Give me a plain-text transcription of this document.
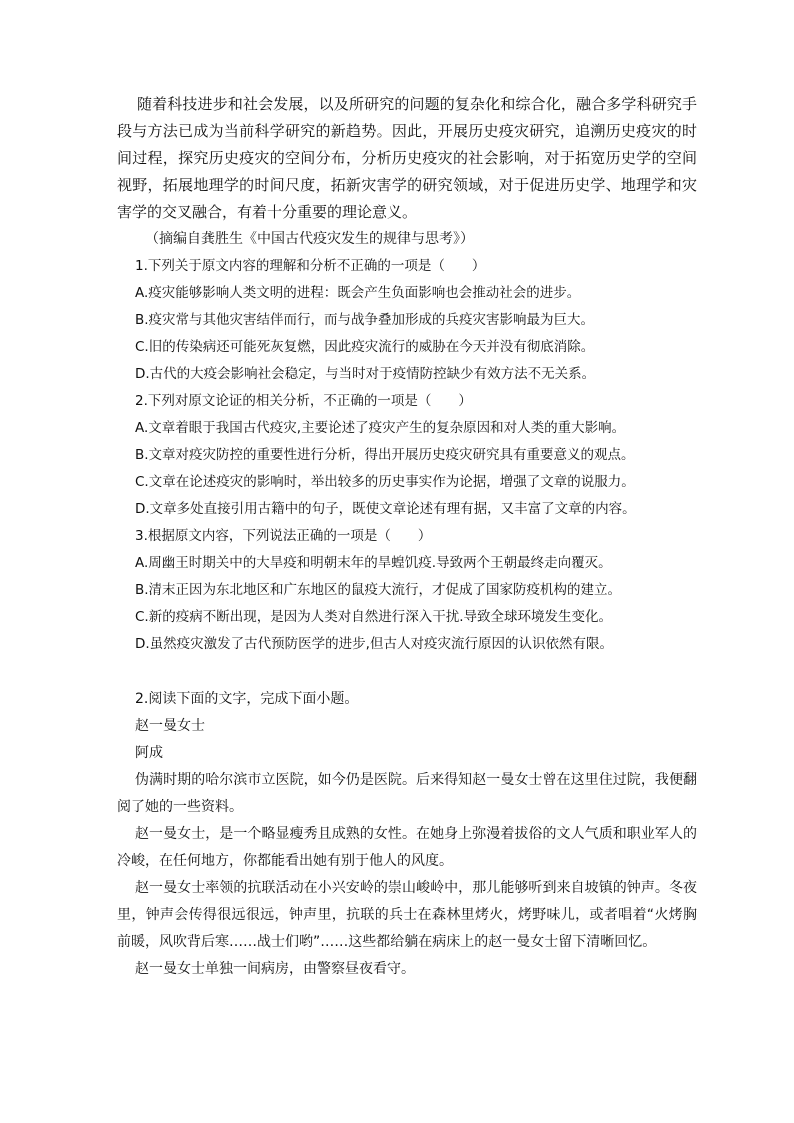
随着科技进步和社会发展，以及所研究的问题的复杂化和综合化，融合多学科研究手段与方法已成为当前科学研究的新趋势。因此，开展历史疫灾研究，追溯历史疫灾的时间过程，探究历史疫灾的空间分布，分析历史疫灾的社会影响，对于拓宽历史学的空间视野，拓展地理学的时间尺度，拓新灾害学的研究领域，对于促进历史学、地理学和灾害学的交叉融合，有着十分重要的理论意义。

（摘编自龚胜生《中国古代疫灾发生的规律与思考》）

1.下列关于原文内容的理解和分析不正确的一项是（　　）

A.疫灾能够影响人类文明的进程：既会产生负面影响也会推动社会的进步。

B.疫灾常与其他灾害结伴而行，而与战争叠加形成的兵疫灾害影响最为巨大。

C.旧的传染病还可能死灰复燃，因此疫灾流行的威胁在今天并没有彻底消除。

D.古代的大疫会影响社会稳定，与当时对于疫情防控缺少有效方法不无关系。

2.下列对原文论证的相关分析，不正确的一项是（　　）

A.文章着眼于我国古代疫灾,主要论述了疫灾产生的复杂原因和对人类的重大影响。

B.文章对疫灾防控的重要性进行分析，得出开展历史疫灾研究具有重要意义的观点。

C.文章在论述疫灾的影响时，举出较多的历史事实作为论据，增强了文章的说服力。

D.文章多处直接引用古籍中的句子，既使文章论述有理有据，又丰富了文章的内容。

3.根据原文内容，下列说法正确的一项是（　　）

A.周幽王时期关中的大旱疫和明朝末年的旱蝗饥疫.导致两个王朝最终走向覆灭。

B.清末正因为东北地区和广东地区的鼠疫大流行，才促成了国家防疫机构的建立。

C.新的疫病不断出现，是因为人类对自然进行深入干扰.导致全球环境发生变化。

D.虽然疫灾激发了古代预防医学的进步,但古人对疫灾流行原因的认识依然有限。

2.阅读下面的文字，完成下面小题。

赵一曼女士

阿成

伪满时期的哈尔滨市立医院，如今仍是医院。后来得知赵一曼女士曾在这里住过院，我便翻阅了她的一些资料。

赵一曼女士，是一个略显瘦秀且成熟的女性。在她身上弥漫着拔俗的文人气质和职业军人的冷峻，在任何地方，你都能看出她有别于他人的风度。

赵一曼女士率领的抗联活动在小兴安岭的崇山峻岭中，那儿能够听到来自坡镇的钟声。冬夜里，钟声会传得很远很远，钟声里，抗联的兵士在森林里烤火，烤野味儿，或者唱着“火烤胸前暖，风吹背后寒……战士们哟”……这些都给躺在病床上的赵一曼女士留下清晰回忆。

赵一曼女士单独一间病房，由警察昼夜看守。
